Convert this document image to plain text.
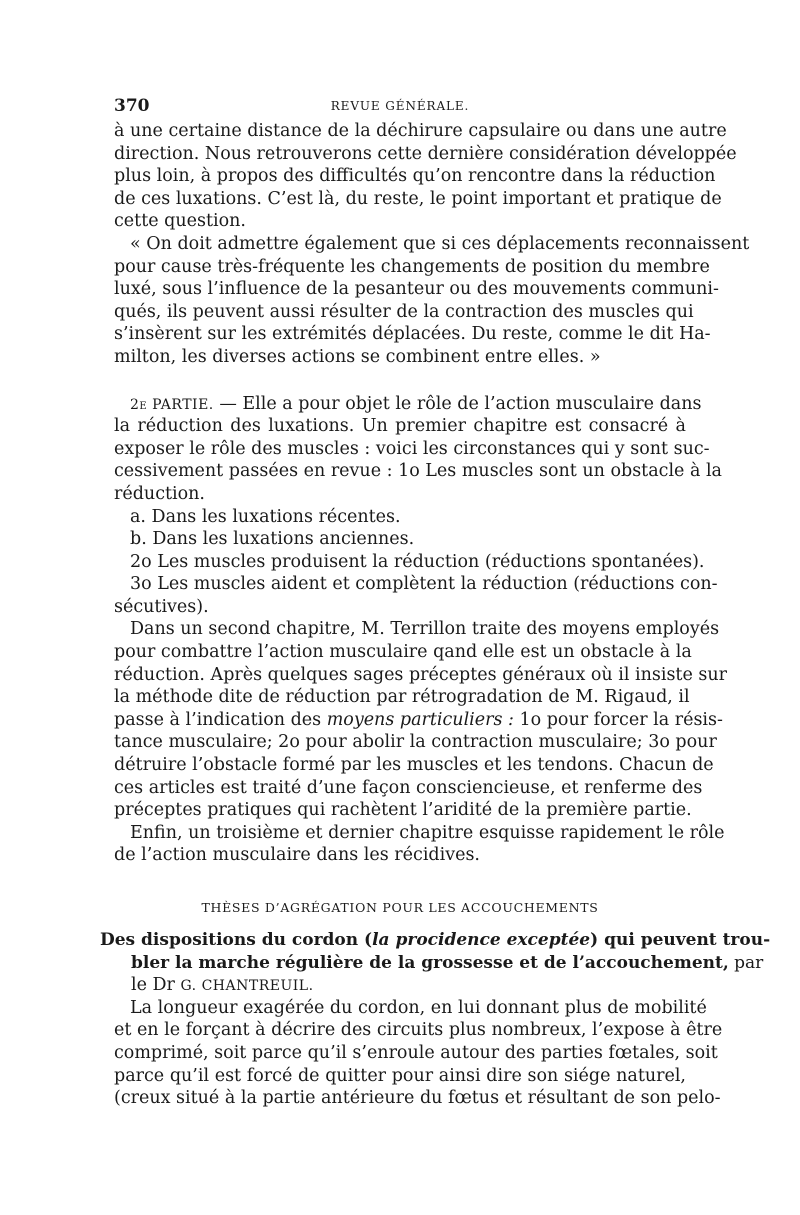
370	REVUE GÉNÉRALE.
à une certaine distance de la déchirure capsulaire ou dans une autre
direction. Nous retrouverons cette dernière considération développée
plus loin, à propos des difficultés qu’on rencontre dans la réduction
de ces luxations. C’est là, du reste, le point important et pratique de
cette question.
« On doit admettre également que si ces déplacements reconnaissent
pour cause très-fréquente les changements de position du membre
luxé, sous l’influence de la pesanteur ou des mouvements communi-
qués, ils peuvent aussi résulter de la contraction des muscles qui
s’insèrent sur les extrémités déplacées. Du reste, comme le dit Ha-
milton, les diverses actions se combinent entre elles. »
2e PARTIE. — Elle a pour objet le rôle de l’action musculaire dans
la réduction des luxations. Un premier chapitre est consacré à
exposer le rôle des muscles : voici les circonstances qui y sont suc-
cessivement passées en revue : 1o Les muscles sont un obstacle à la
réduction.
a. Dans les luxations récentes.
b. Dans les luxations anciennes.
2o Les muscles produisent la réduction (réductions spontanées).
3o Les muscles aident et complètent la réduction (réductions con-
sécutives).
Dans un second chapitre, M. Terrillon traite des moyens employés
pour combattre l’action musculaire qand elle est un obstacle à la
réduction. Après quelques sages préceptes généraux où il insiste sur
la méthode dite de réduction par rétrogradation de M. Rigaud, il
passe à l’indication des moyens particuliers : 1o pour forcer la résis-
tance musculaire; 2o pour abolir la contraction musculaire; 3o pour
détruire l’obstacle formé par les muscles et les tendons. Chacun de
ces articles est traité d’une façon consciencieuse, et renferme des
préceptes pratiques qui rachètent l’aridité de la première partie.
Enfin, un troisième et dernier chapitre esquisse rapidement le rôle
de l’action musculaire dans les récidives.
THÈSES D’AGRÉGATION POUR LES ACCOUCHEMENTS
Des dispositions du cordon (la procidence exceptée) qui peuvent trou-
bler la marche régulière de la grossesse et de l’accouchement, par
le Dr G. CHANTREUIL.
La longueur exagérée du cordon, en lui donnant plus de mobilité
et en le forçant à décrire des circuits plus nombreux, l’expose à être
comprimé, soit parce qu’il s’enroule autour des parties fœtales, soit
parce qu’il est forcé de quitter pour ainsi dire son siége naturel,
(creux situé à la partie antérieure du fœtus et résultant de son pelo-
